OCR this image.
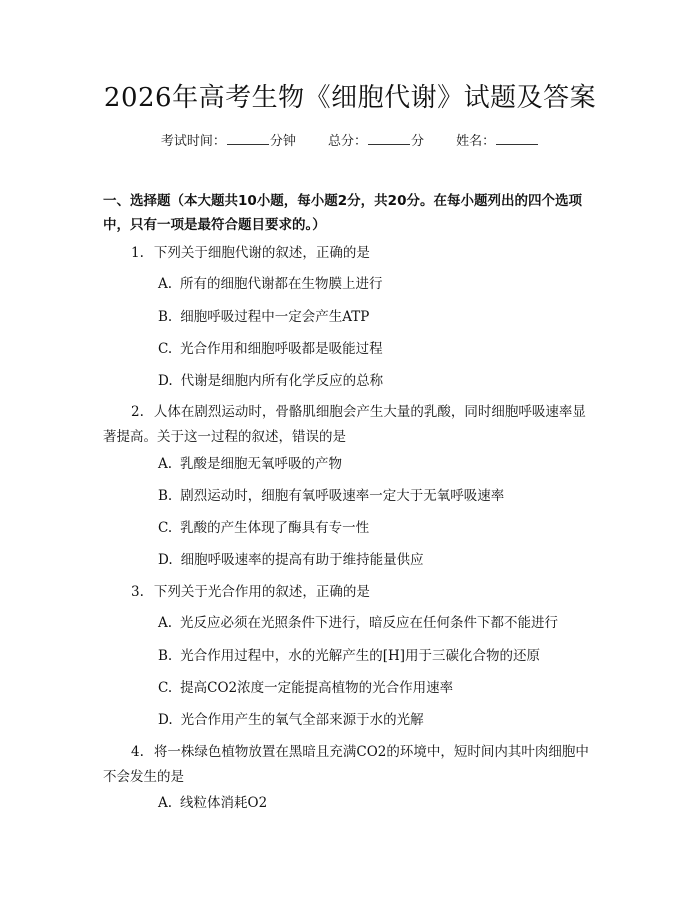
2026年高考生物《细胞代谢》试题及答案
考试时间：	分钟 总分：	分 姓名：
一、选择题（本大题共10小题，每小题2分，共20分。在每小题列出的四个选项中，只有一项是最符合题目要求的。）
1. 下列关于细胞代谢的叙述，正确的是
A. 所有的细胞代谢都在生物膜上进行
B. 细胞呼吸过程中一定会产生ATP
C. 光合作用和细胞呼吸都是吸能过程
D. 代谢是细胞内所有化学反应的总称
2. 人体在剧烈运动时，骨骼肌细胞会产生大量的乳酸，同时细胞呼吸速率显著提高。关于这一过程的叙述，错误的是
A. 乳酸是细胞无氧呼吸的产物
B. 剧烈运动时，细胞有氧呼吸速率一定大于无氧呼吸速率
C. 乳酸的产生体现了酶具有专一性
D. 细胞呼吸速率的提高有助于维持能量供应
3. 下列关于光合作用的叙述，正确的是
A. 光反应必须在光照条件下进行，暗反应在任何条件下都不能进行
B. 光合作用过程中，水的光解产生的[H]用于三碳化合物的还原
C. 提高CO2浓度一定能提高植物的光合作用速率
D. 光合作用产生的氧气全部来源于水的光解
4. 将一株绿色植物放置在黑暗且充满CO2的环境中，短时间内其叶肉细胞中不会发生的是
A. 线粒体消耗O2
